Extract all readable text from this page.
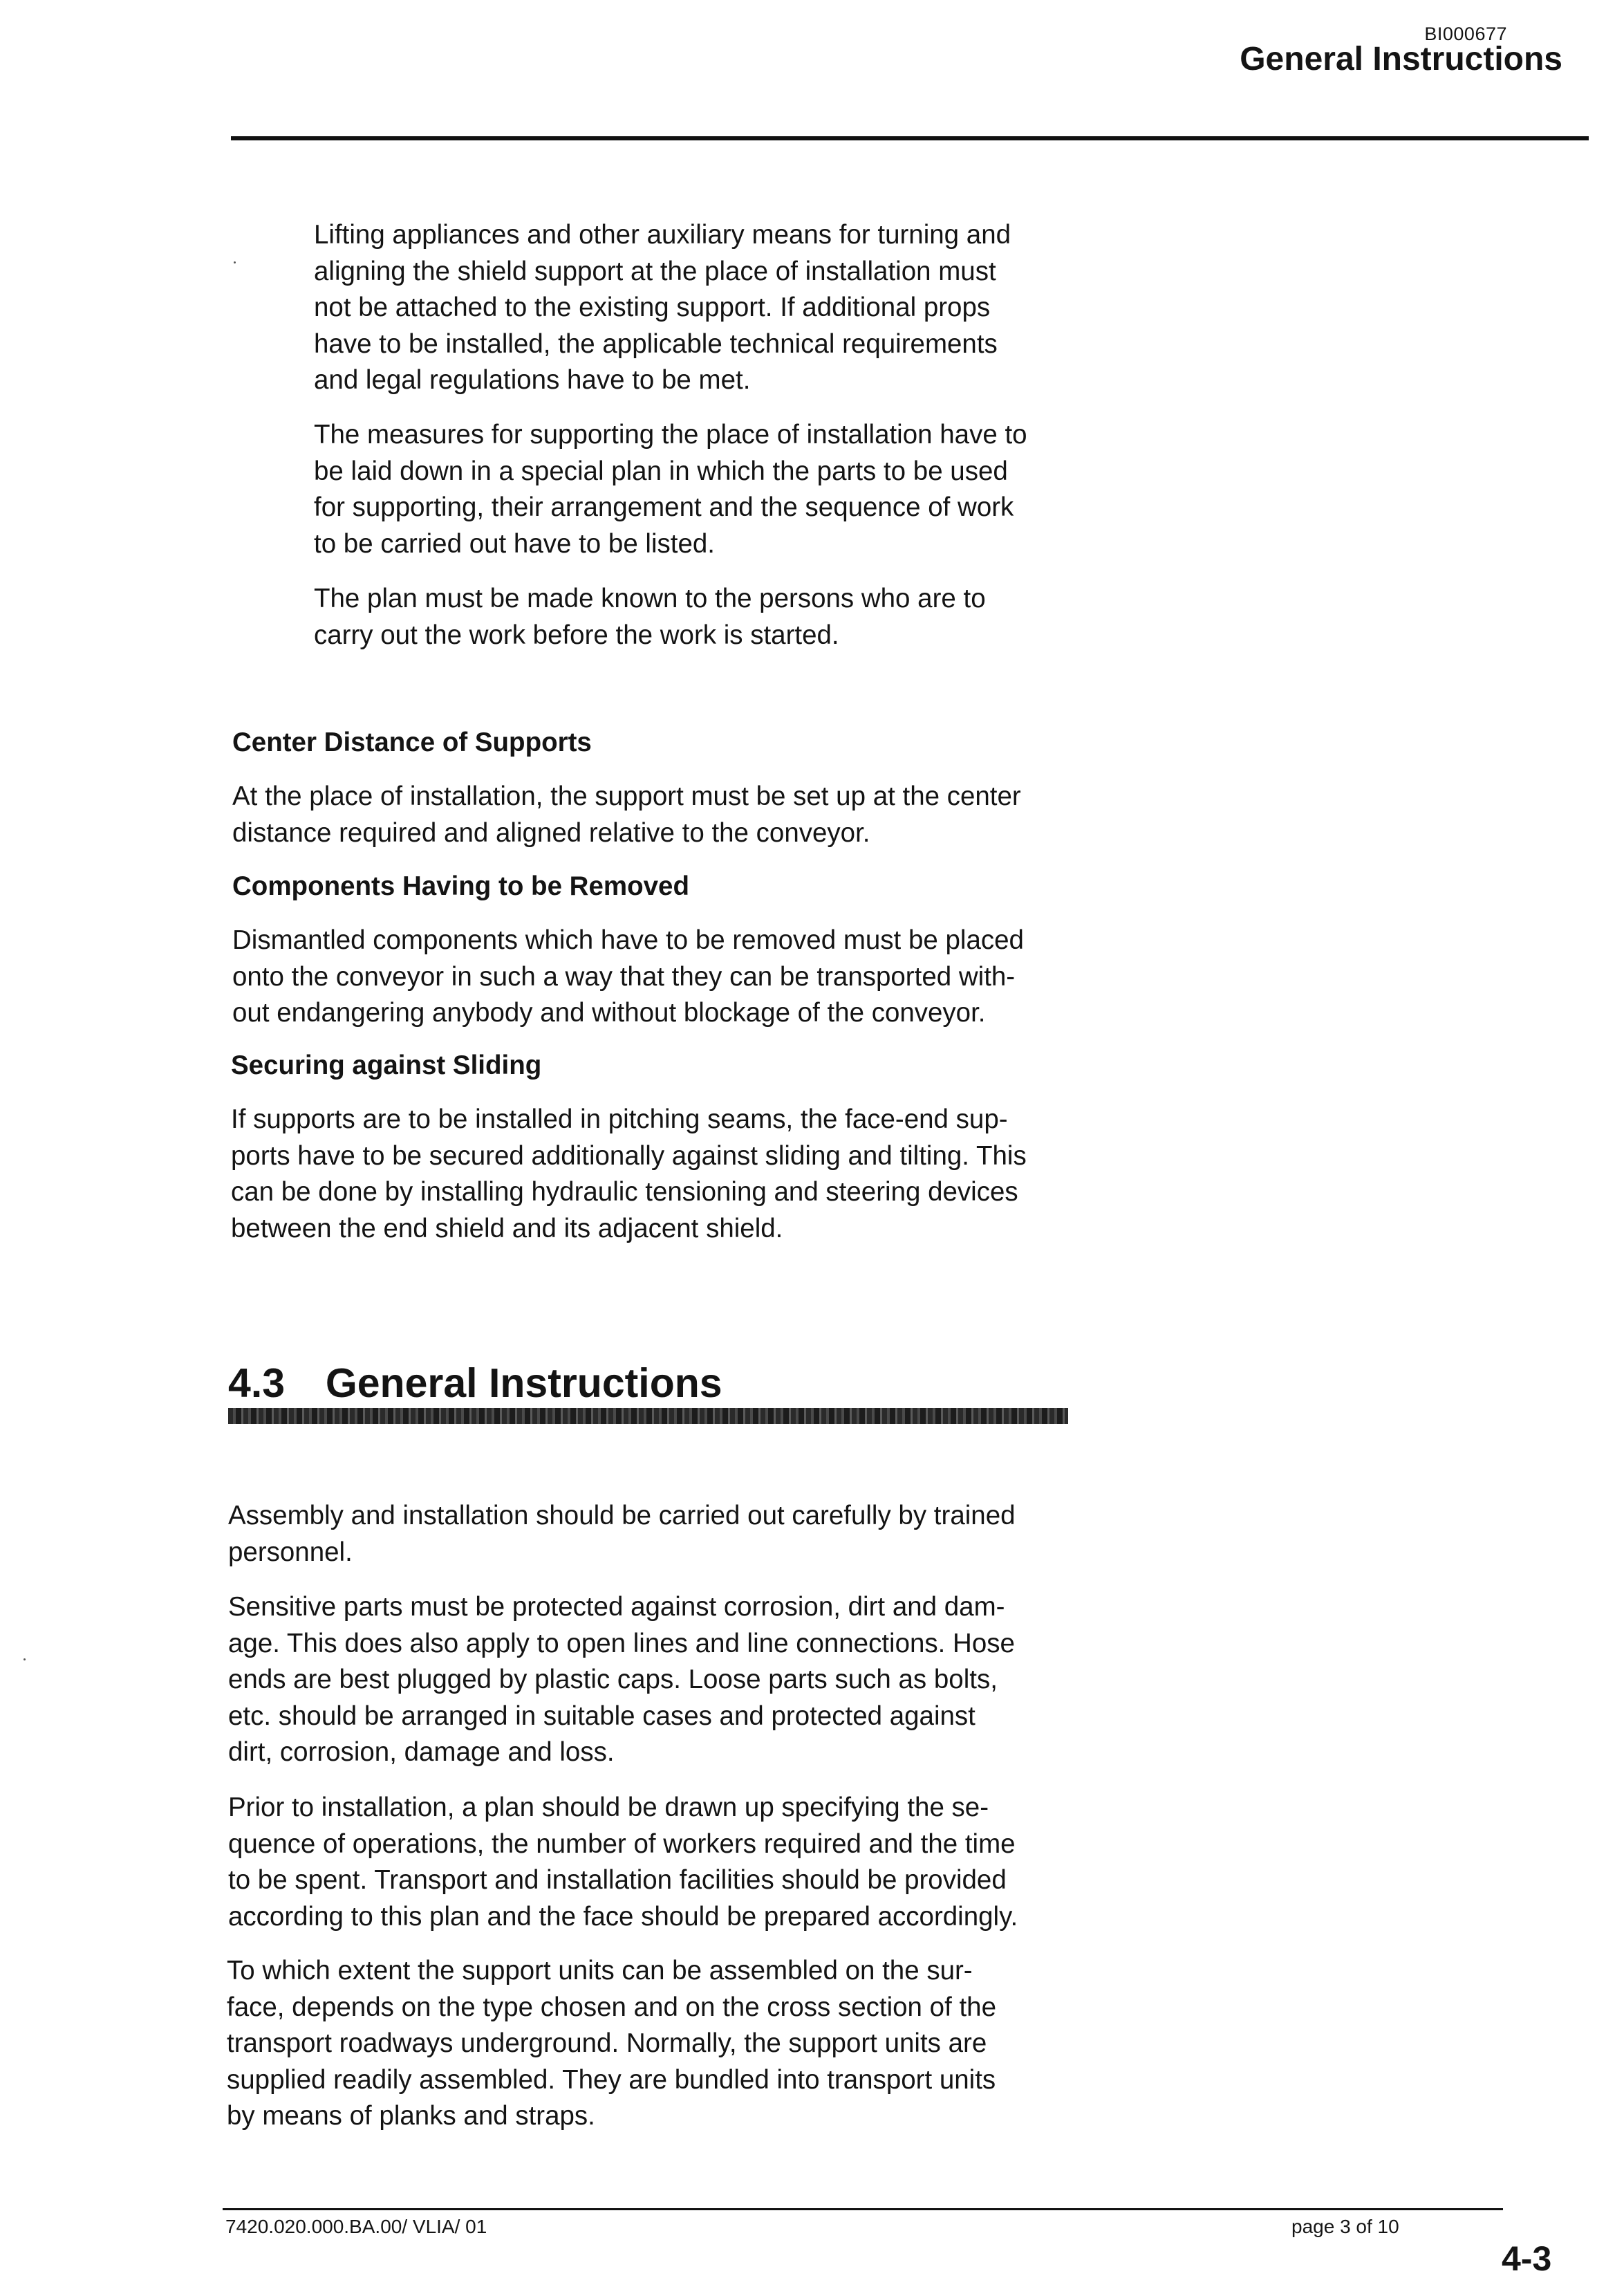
BI000677
General Instructions

Lifting appliances and other auxiliary means for turning and

aligning the shield support at the place of installation must

not be attached to the existing support. If additional props

have to be installed, the applicable technical requirements

and legal regulations have to be met.

The measures for supporting the place of installation have to

be laid down in a special plan in which the parts to be used

for supporting, their arrangement and the sequence of work

to be carried out have to be listed.

The plan must be made known to the persons who are to

carry out the work before the work is started.

Center Distance of Supports

At the place of installation, the support must be set up at the center

distance required and aligned relative to the conveyor.

Components Having to be Removed

Dismantled components which have to be removed must be placed

onto the conveyor in such a way that they can be transported with-

out endangering anybody and without blockage of the conveyor.

Securing against Sliding

If supports are to be installed in pitching seams, the face-end sup-

ports have to be secured additionally against sliding and tilting. This

can be done by installing hydraulic tensioning and steering devices

between the end shield and its adjacent shield.

4.3 General Instructions

Assembly and installation should be carried out carefully by trained

personnel.

Sensitive parts must be protected against corrosion, dirt and dam-

age. This does also apply to open lines and line connections. Hose

ends are best plugged by plastic caps. Loose parts such as bolts,

etc. should be arranged in suitable cases and protected against

dirt, corrosion, damage and loss.

Prior to installation, a plan should be drawn up specifying the se-

quence of operations, the number of workers required and the time

to be spent. Transport and installation facilities should be provided

according to this plan and the face should be prepared accordingly.

To which extent the support units can be assembled on the sur-

face, depends on the type chosen and on the cross section of the

transport roadways underground. Normally, the support units are

supplied readily assembled. They are bundled into transport units

by means of planks and straps.

7420.020.000.BA.00/ VLIA/ 01	page 3 of 10
4-3
